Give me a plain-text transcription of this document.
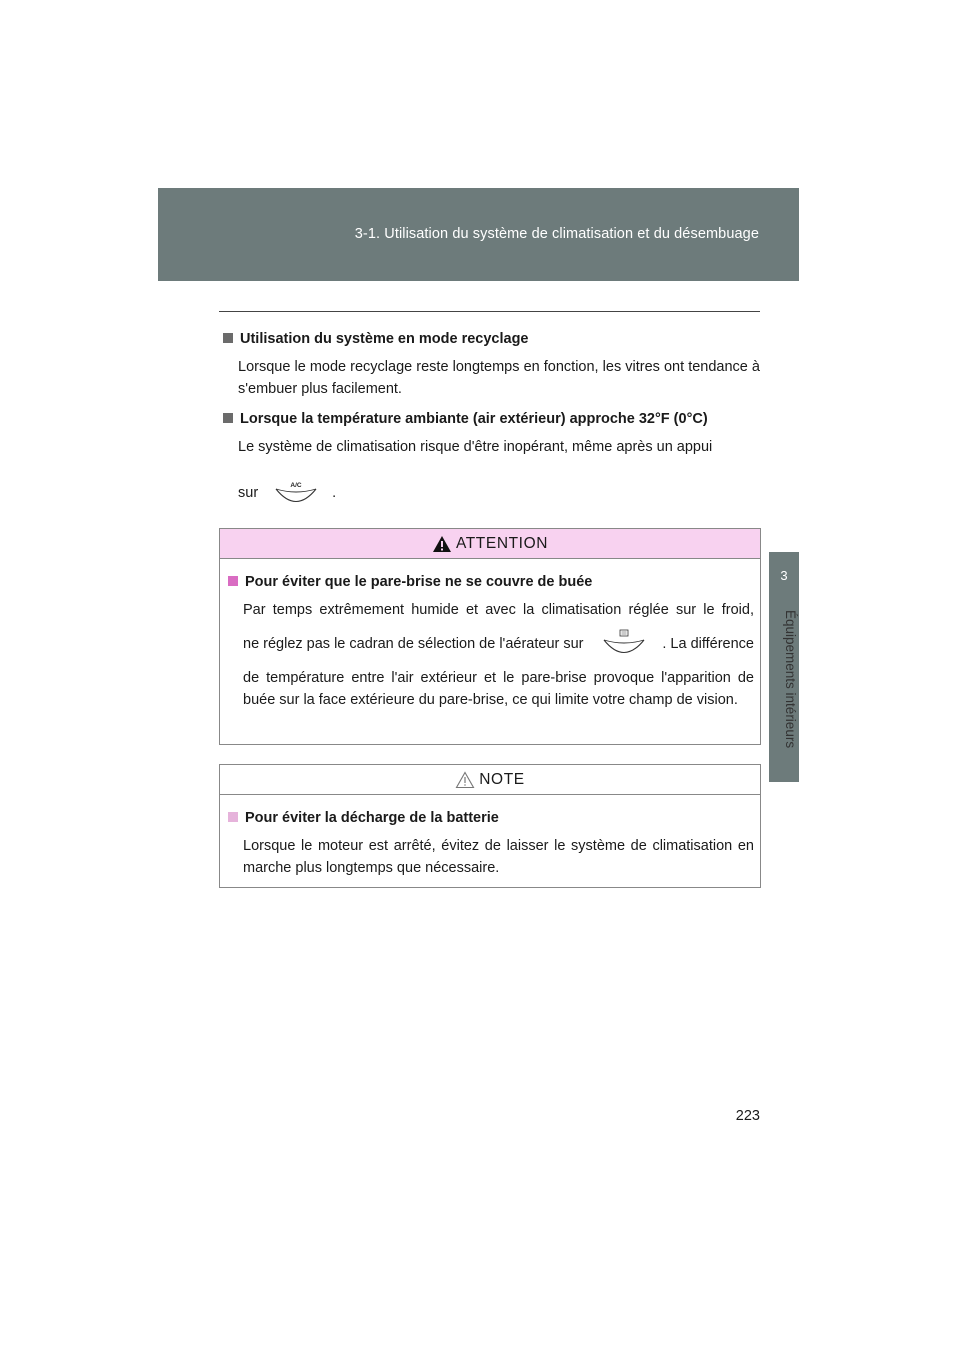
3-1. Utilisation du système de climatisation et du désembuage
3
Équipements intérieurs

Utilisation du système en mode recyclage

Lorsque le mode recyclage reste longtemps en fonction, les vitres ont tendance à s'embuer plus facilement.

Lorsque la température ambiante (air extérieur) approche 32°F (0°C)

Le système de climatisation risque d'être inopérant, même après un appui

sur	A/C .
ATTENTION

Pour éviter que le pare-brise ne se couvre de buée

Par temps extrêmement humide et avec la climatisation réglée sur le froid,

ne réglez pas le cadran de sélection de l'aérateur sur	. La différence

de température entre l'air extérieur et le pare-brise provoque l'apparition de buée sur la face extérieure du pare-brise, ce qui limite votre champ de vision.

NOTE

Pour éviter la décharge de la batterie

Lorsque le moteur est arrêté, évitez de laisser le système de climatisation en marche plus longtemps que nécessaire.

223
